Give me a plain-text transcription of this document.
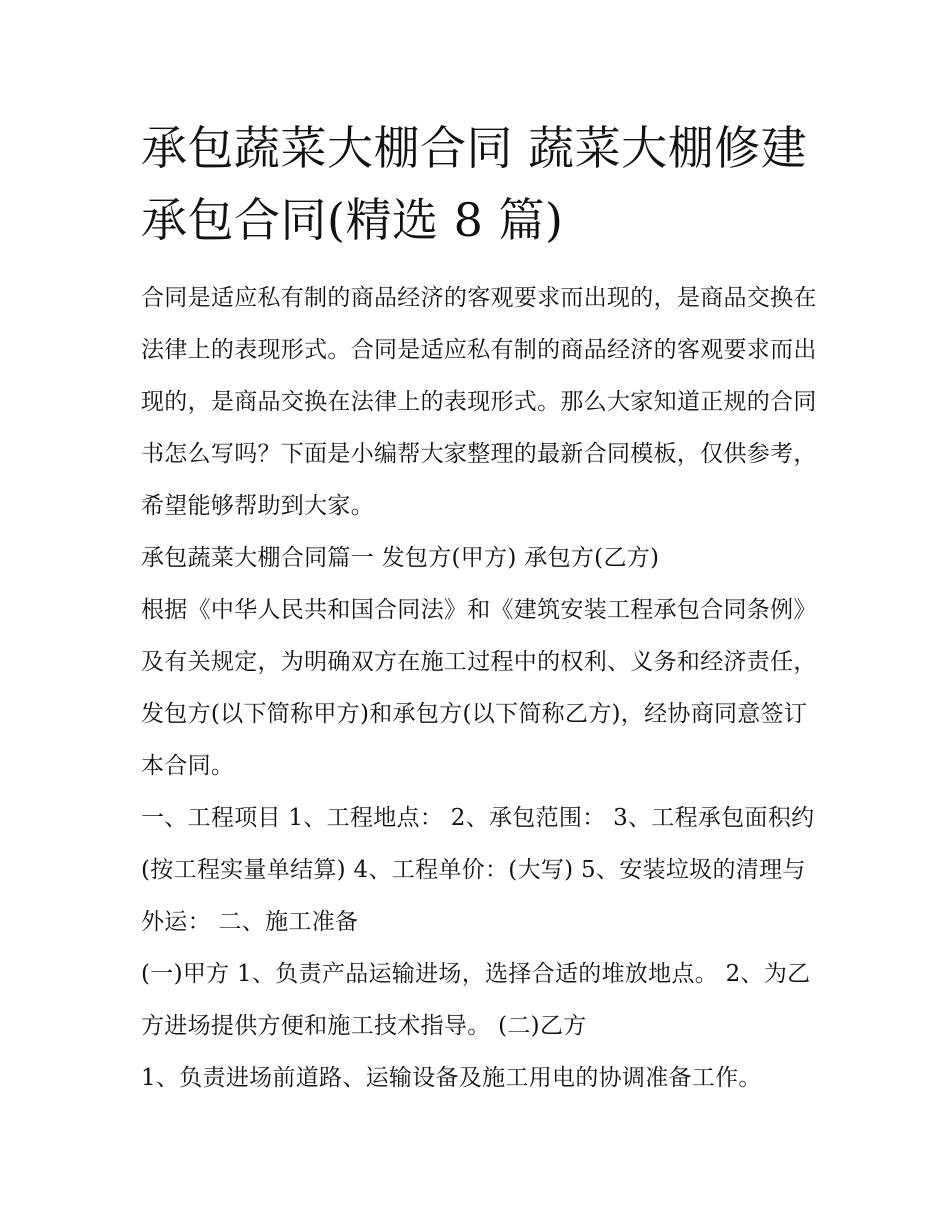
承包蔬菜大棚合同 蔬菜大棚修建承包合同(精选 8 篇)

合同是适应私有制的商品经济的客观要求而出现的，是商品交换在法律上的表现形式。合同是适应私有制的商品经济的客观要求而出现的，是商品交换在法律上的表现形式。那么大家知道正规的合同书怎么写吗？下面是小编帮大家整理的最新合同模板，仅供参考，希望能够帮助到大家。

承包蔬菜大棚合同篇一 发包方(甲方) 承包方(乙方)

根据《中华人民共和国合同法》和《建筑安装工程承包合同条例》及有关规定，为明确双方在施工过程中的权利、义务和经济责任，发包方(以下简称甲方)和承包方(以下简称乙方)，经协商同意签订本合同。

一、工程项目 1、工程地点： 2、承包范围： 3、工程承包面积约(按工程实量单结算) 4、工程单价：(大写) 5、安装垃圾的清理与外运： 二、施工准备

(一)甲方 1、负责产品运输进场，选择合适的堆放地点。 2、为乙方进场提供方便和施工技术指导。 (二)乙方

1、负责进场前道路、运输设备及施工用电的协调准备工作。
